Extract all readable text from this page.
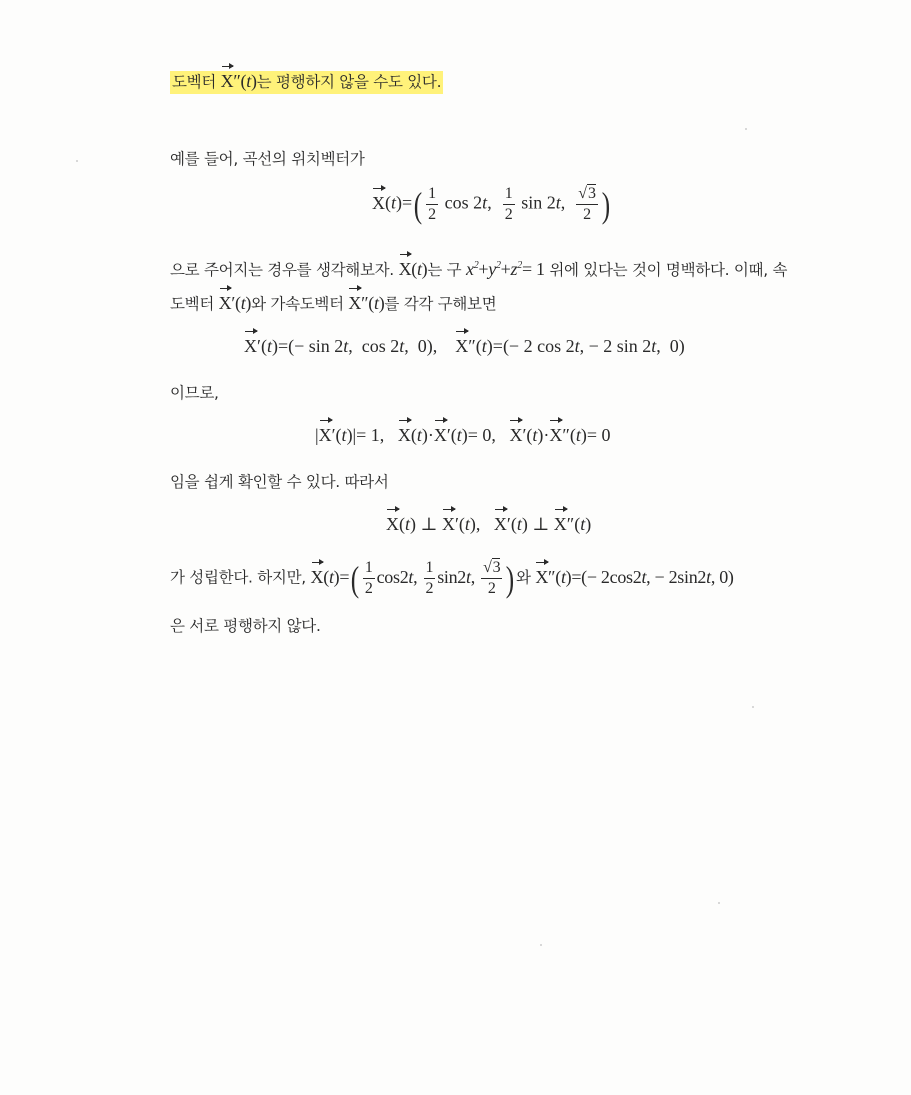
도벡터 X″(t)는 평행하지 않을 수도 있다.
예를 들어, 곡선의 위치벡터가
$X(t)=( \frac{1}{2}$ cos 2t, $\frac{1}{2}$ sin 2t, $\frac{√3}{2}$ )
으로 주어지는 경우를 생각해보자. X(t)는 구 $x^2+y^2+z^2= 1$ 위에 있다는 것이 명백하다. 이때, 속
도벡터 X′(t)와 가속도벡터 X″(t)를 각각 구해보면
X′(t)=(− sin 2t,  cos 2t,  0),    X″(t)=(− 2 cos 2t, − 2 sin 2t,  0)
이므로,
|X′(t)|= 1,   X(t)·X′(t)= 0,   X′(t)·X″(t)= 0
임을 쉽게 확인할 수 있다. 따라서
X(t) ⊥ X′(t),   X′(t) ⊥ X″(t)
가 성립한다. 하지만, $X(t)=( \frac{1}{2} \cos 2t$, $\frac{1}{2} \sin 2t$, $\frac{√3}{2}$ ) 와 X″(t)=(− 2cos2t, − 2sin2t, 0)
은 서로 평행하지 않다.
